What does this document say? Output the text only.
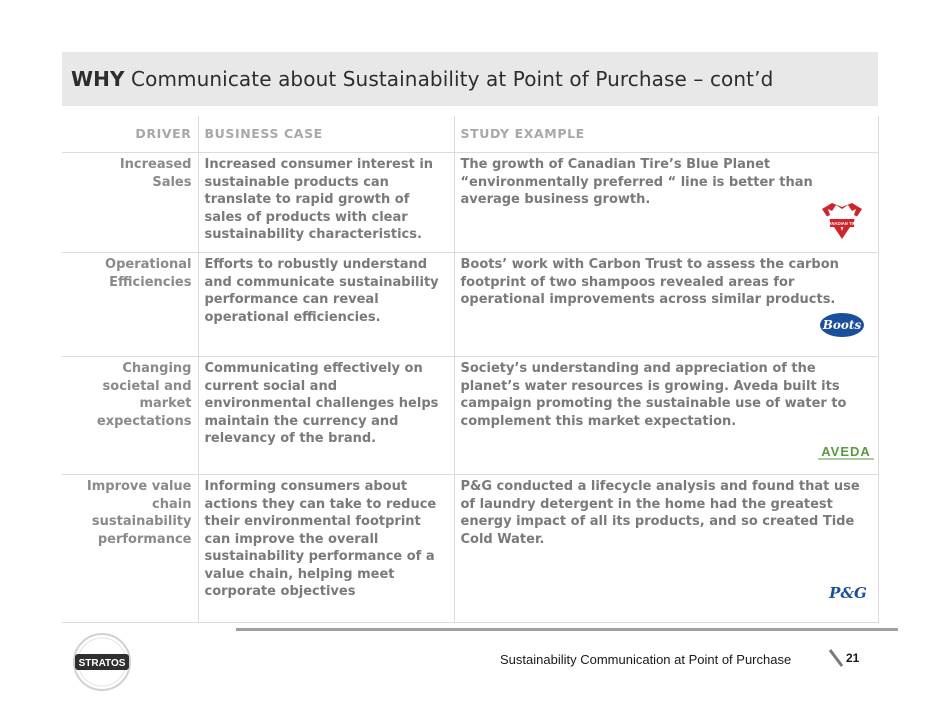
WHY Communicate about Sustainability at Point of Purchase – cont’d
DRIVER	BUSINESS CASE	STUDY EXAMPLE
Increased Sales	Increased consumer interest in sustainable products can translate to rapid growth of sales of products with clear sustainability characteristics.	The growth of Canadian Tire’s Blue Planet “environmentally preferred “ line is better than average business growth.
CANADIAN TIRE

Operational Efficiencies	Efforts to robustly understand and communicate sustainability performance can reveal operational efficiencies.	Boots’ work with Carbon Trust to assess the carbon footprint of two shampoos revealed areas for operational improvements across similar products.
Boots

Changing societal and market expectations	Communicating effectively on current social and environmental challenges helps maintain the currency and relevancy of the brand.	Society’s understanding and appreciation of the planet’s water resources is growing. Aveda built its campaign promoting the sustainable use of water to complement this market expectation.
AVEDA

Improve value chain sustainability performance	Informing consumers about actions they can take to reduce their environmental footprint can improve the overall sustainability performance of a value chain, helping meet corporate objectives	P&G conducted a lifecycle analysis and found that use of laundry detergent in the home had the greatest energy impact of all its products, and so created Tide Cold Water.
P&G
STRATOS	Sustainability Communication at Point of Purchase	21
